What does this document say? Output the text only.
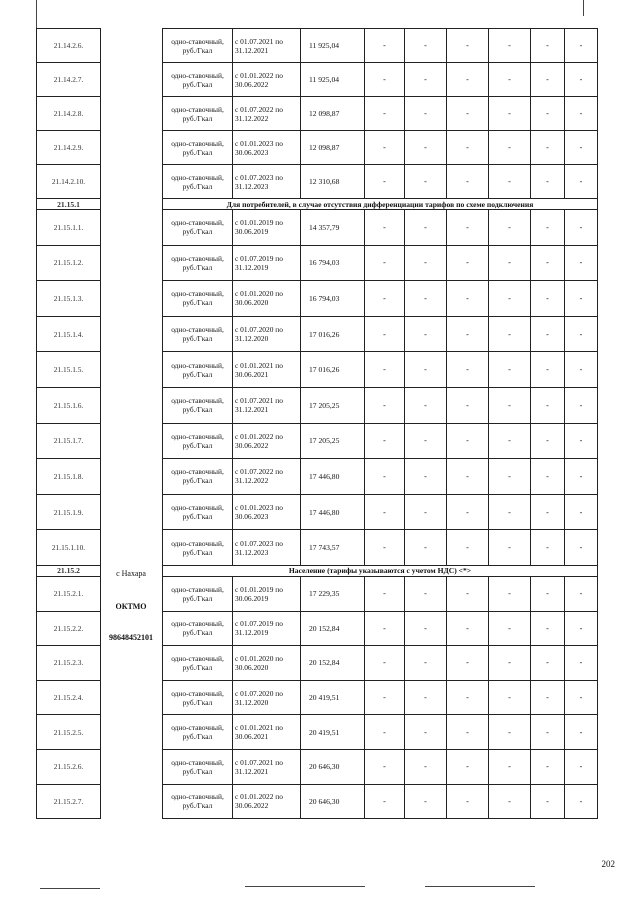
21.14.2.6.		одно-ставочный, руб./Гкал	с 01.07.2021 по 31.12.2021	11 925,04	-	-	-	-	-	-
21.14.2.7.		одно-ставочный, руб./Гкал	с 01.01.2022 по 30.06.2022	11 925,04	-	-	-	-	-	-
21.14.2.8.		одно-ставочный, руб./Гкал	с 01.07.2022 по 31.12.2022	12 098,87	-	-	-	-	-	-
21.14.2.9.		одно-ставочный, руб./Гкал	с 01.01.2023 по 30.06.2023	12 098,87	-	-	-	-	-	-
21.14.2.10.		одно-ставочный, руб./Гкал	с 01.07.2023 по 31.12.2023	12 310,68	-	-	-	-	-	-
21.15.1		Для потребителей, в случае отсутствия дифференциации тарифов по схеме подключения								
21.15.1.1.		одно-ставочный, руб./Гкал	с 01.01.2019 по 30.06.2019	14 357,79	-	-	-	-	-	-
21.15.1.2.		одно-ставочный, руб./Гкал	с 01.07.2019 по 31.12.2019	16 794,03	-	-	-	-	-	-
21.15.1.3.		одно-ставочный, руб./Гкал	с 01.01.2020 по 30.06.2020	16 794,03	-	-	-	-	-	-
21.15.1.4.		одно-ставочный, руб./Гкал	с 01.07.2020 по 31.12.2020	17 016,26	-	-	-	-	-	-
21.15.1.5.		одно-ставочный, руб./Гкал	с 01.01.2021 по 30.06.2021	17 016,26	-	-	-	-	-	-
21.15.1.6.		одно-ставочный, руб./Гкал	с 01.07.2021 по 31.12.2021	17 205,25	-	-	-	-	-	-
21.15.1.7.		одно-ставочный, руб./Гкал	с 01.01.2022 по 30.06.2022	17 205,25	-	-	-	-	-	-
21.15.1.8.		одно-ставочный, руб./Гкал	с 01.07.2022 по 31.12.2022	17 446,80	-	-	-	-	-	-
21.15.1.9.		одно-ставочный, руб./Гкал	с 01.01.2023 по 30.06.2023	17 446,80	-	-	-	-	-	-
21.15.1.10.		одно-ставочный, руб./Гкал	с 01.07.2023 по 31.12.2023	17 743,57	-	-	-	-	-	-
21.15.2		Население (тарифы указываются с учетом НДС) <*>								
21.15.2.1.		одно-ставочный, руб./Гкал	с 01.01.2019 по 30.06.2019	17 229,35	-	-	-	-	-	-
21.15.2.2.		одно-ставочный, руб./Гкал	с 01.07.2019 по 31.12.2019	20 152,84	-	-	-	-	-	-
21.15.2.3.		одно-ставочный, руб./Гкал	с 01.01.2020 по 30.06.2020	20 152,84	-	-	-	-	-	-
21.15.2.4.		одно-ставочный, руб./Гкал	с 01.07.2020 по 31.12.2020	20 419,51	-	-	-	-	-	-
21.15.2.5.		одно-ставочный, руб./Гкал	с 01.01.2021 по 30.06.2021	20 419,51	-	-	-	-	-	-
21.15.2.6.		одно-ставочный, руб./Гкал	с 01.07.2021 по 31.12.2021	20 646,30	-	-	-	-	-	-
21.15.2.7.		одно-ставочный, руб./Гкал	с 01.01.2022 по 30.06.2022	20 646,30	-	-	-	-	-	-
с Нахара
ОКТМО
98648452101
202
